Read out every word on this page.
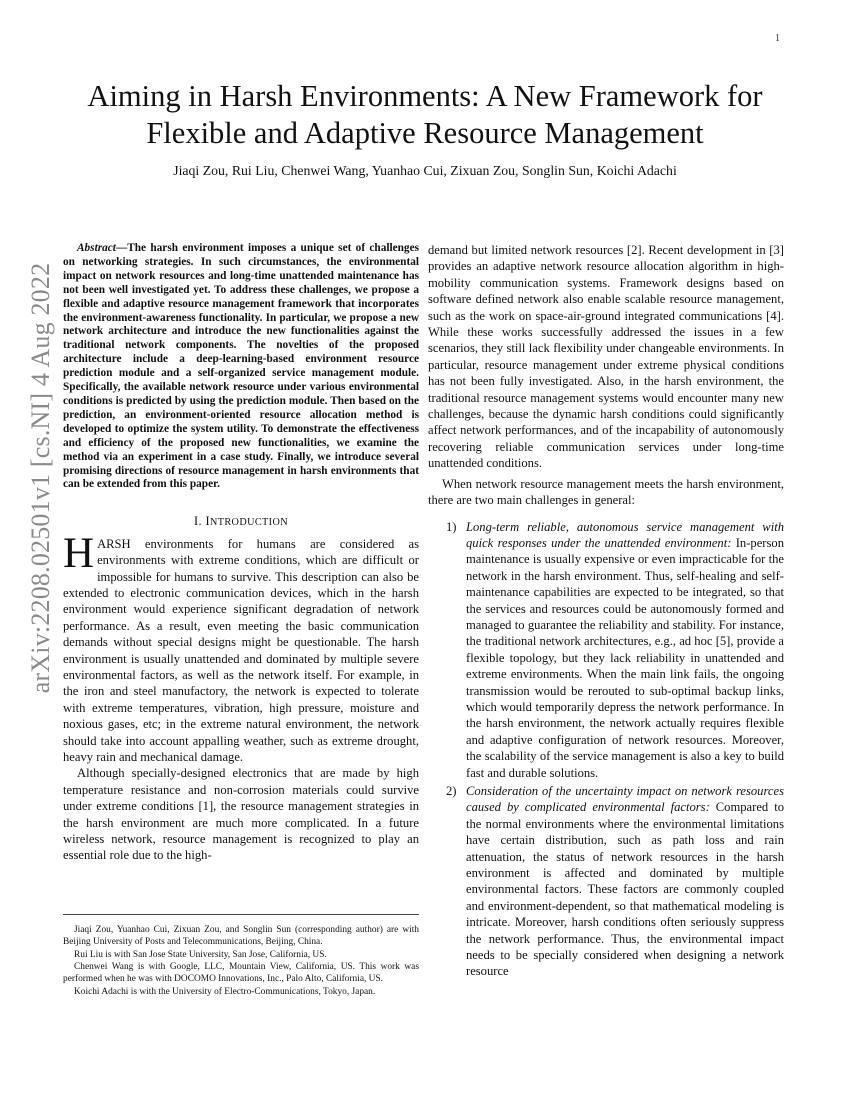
1
arXiv:2208.02501v1 [cs.NI] 4 Aug 2022
Aiming in Harsh Environments: A New Framework for Flexible and Adaptive Resource Management
Jiaqi Zou, Rui Liu, Chenwei Wang, Yuanhao Cui, Zixuan Zou, Songlin Sun, Koichi Adachi

Abstract—The harsh environment imposes a unique set of challenges on networking strategies. In such circumstances, the environmental impact on network resources and long-time unattended maintenance has not been well investigated yet. To address these challenges, we propose a flexible and adaptive resource management framework that incorporates the environment-awareness functionality. In particular, we propose a new network architecture and introduce the new functionalities against the traditional network components. The novelties of the proposed architecture include a deep-learning-based environment resource prediction module and a self-organized service management module. Specifically, the available network resource under various environmental conditions is predicted by using the prediction module. Then based on the prediction, an environment-oriented resource allocation method is developed to optimize the system utility. To demonstrate the effectiveness and efficiency of the proposed new functionalities, we examine the method via an experiment in a case study. Finally, we introduce several promising directions of resource management in harsh environments that can be extended from this paper.

I. INTRODUCTION

HARSH environments for humans are considered as environments with extreme conditions, which are difficult or impossible for humans to survive. This description can also be extended to electronic communication devices, which in the harsh environment would experience significant degradation of network performance. As a result, even meeting the basic communication demands without special designs might be questionable. The harsh environment is usually unattended and dominated by multiple severe environmental factors, as well as the network itself. For example, in the iron and steel manufactory, the network is expected to tolerate with extreme temperatures, vibration, high pressure, moisture and noxious gases, etc; in the extreme natural environment, the network should take into account appalling weather, such as extreme drought, heavy rain and mechanical damage.

Although specially-designed electronics that are made by high temperature resistance and non-corrosion materials could survive under extreme conditions [1], the resource management strategies in the harsh environment are much more complicated. In a future wireless network, resource management is recognized to play an essential role due to the high-

Jiaqi Zou, Yuanhao Cui, Zixuan Zou, and Songlin Sun (corresponding author) are with Beijing University of Posts and Telecommunications, Beijing, China.

Rui Liu is with San Jose State University, San Jose, California, US.

Chenwei Wang is with Google, LLC, Mountain View, California, US. This work was performed when he was with DOCOMO Innovations, Inc., Palo Alto, California, US.

Koichi Adachi is with the University of Electro-Communications, Tokyo, Japan.

demand but limited network resources [2]. Recent development in [3] provides an adaptive network resource allocation algorithm in high-mobility communication systems. Framework designs based on software defined network also enable scalable resource management, such as the work on space-air-ground integrated communications [4]. While these works successfully addressed the issues in a few scenarios, they still lack flexibility under changeable environments. In particular, resource management under extreme physical conditions has not been fully investigated. Also, in the harsh environment, the traditional resource management systems would encounter many new challenges, because the dynamic harsh conditions could significantly affect network performances, and of the incapability of autonomously recovering reliable communication services under long-time unattended conditions.

When network resource management meets the harsh environment, there are two main challenges in general:

1) Long-term reliable, autonomous service management with quick responses under the unattended environment: In-person maintenance is usually expensive or even impracticable for the network in the harsh environment. Thus, self-healing and self-maintenance capabilities are expected to be integrated, so that the services and resources could be autonomously formed and managed to guarantee the reliability and stability. For instance, the traditional network architectures, e.g., ad hoc [5], provide a flexible topology, but they lack reliability in unattended and extreme environments. When the main link fails, the ongoing transmission would be rerouted to sub-optimal backup links, which would temporarily depress the network performance. In the harsh environment, the network actually requires flexible and adaptive configuration of network resources. Moreover, the scalability of the service management is also a key to build fast and durable solutions.
2) Consideration of the uncertainty impact on network resources caused by complicated environmental factors: Compared to the normal environments where the environmental limitations have certain distribution, such as path loss and rain attenuation, the status of network resources in the harsh environment is affected and dominated by multiple environmental factors. These factors are commonly coupled and environment-dependent, so that mathematical modeling is intricate. Moreover, harsh conditions often seriously suppress the network performance. Thus, the environmental impact needs to be specially considered when designing a network resource
